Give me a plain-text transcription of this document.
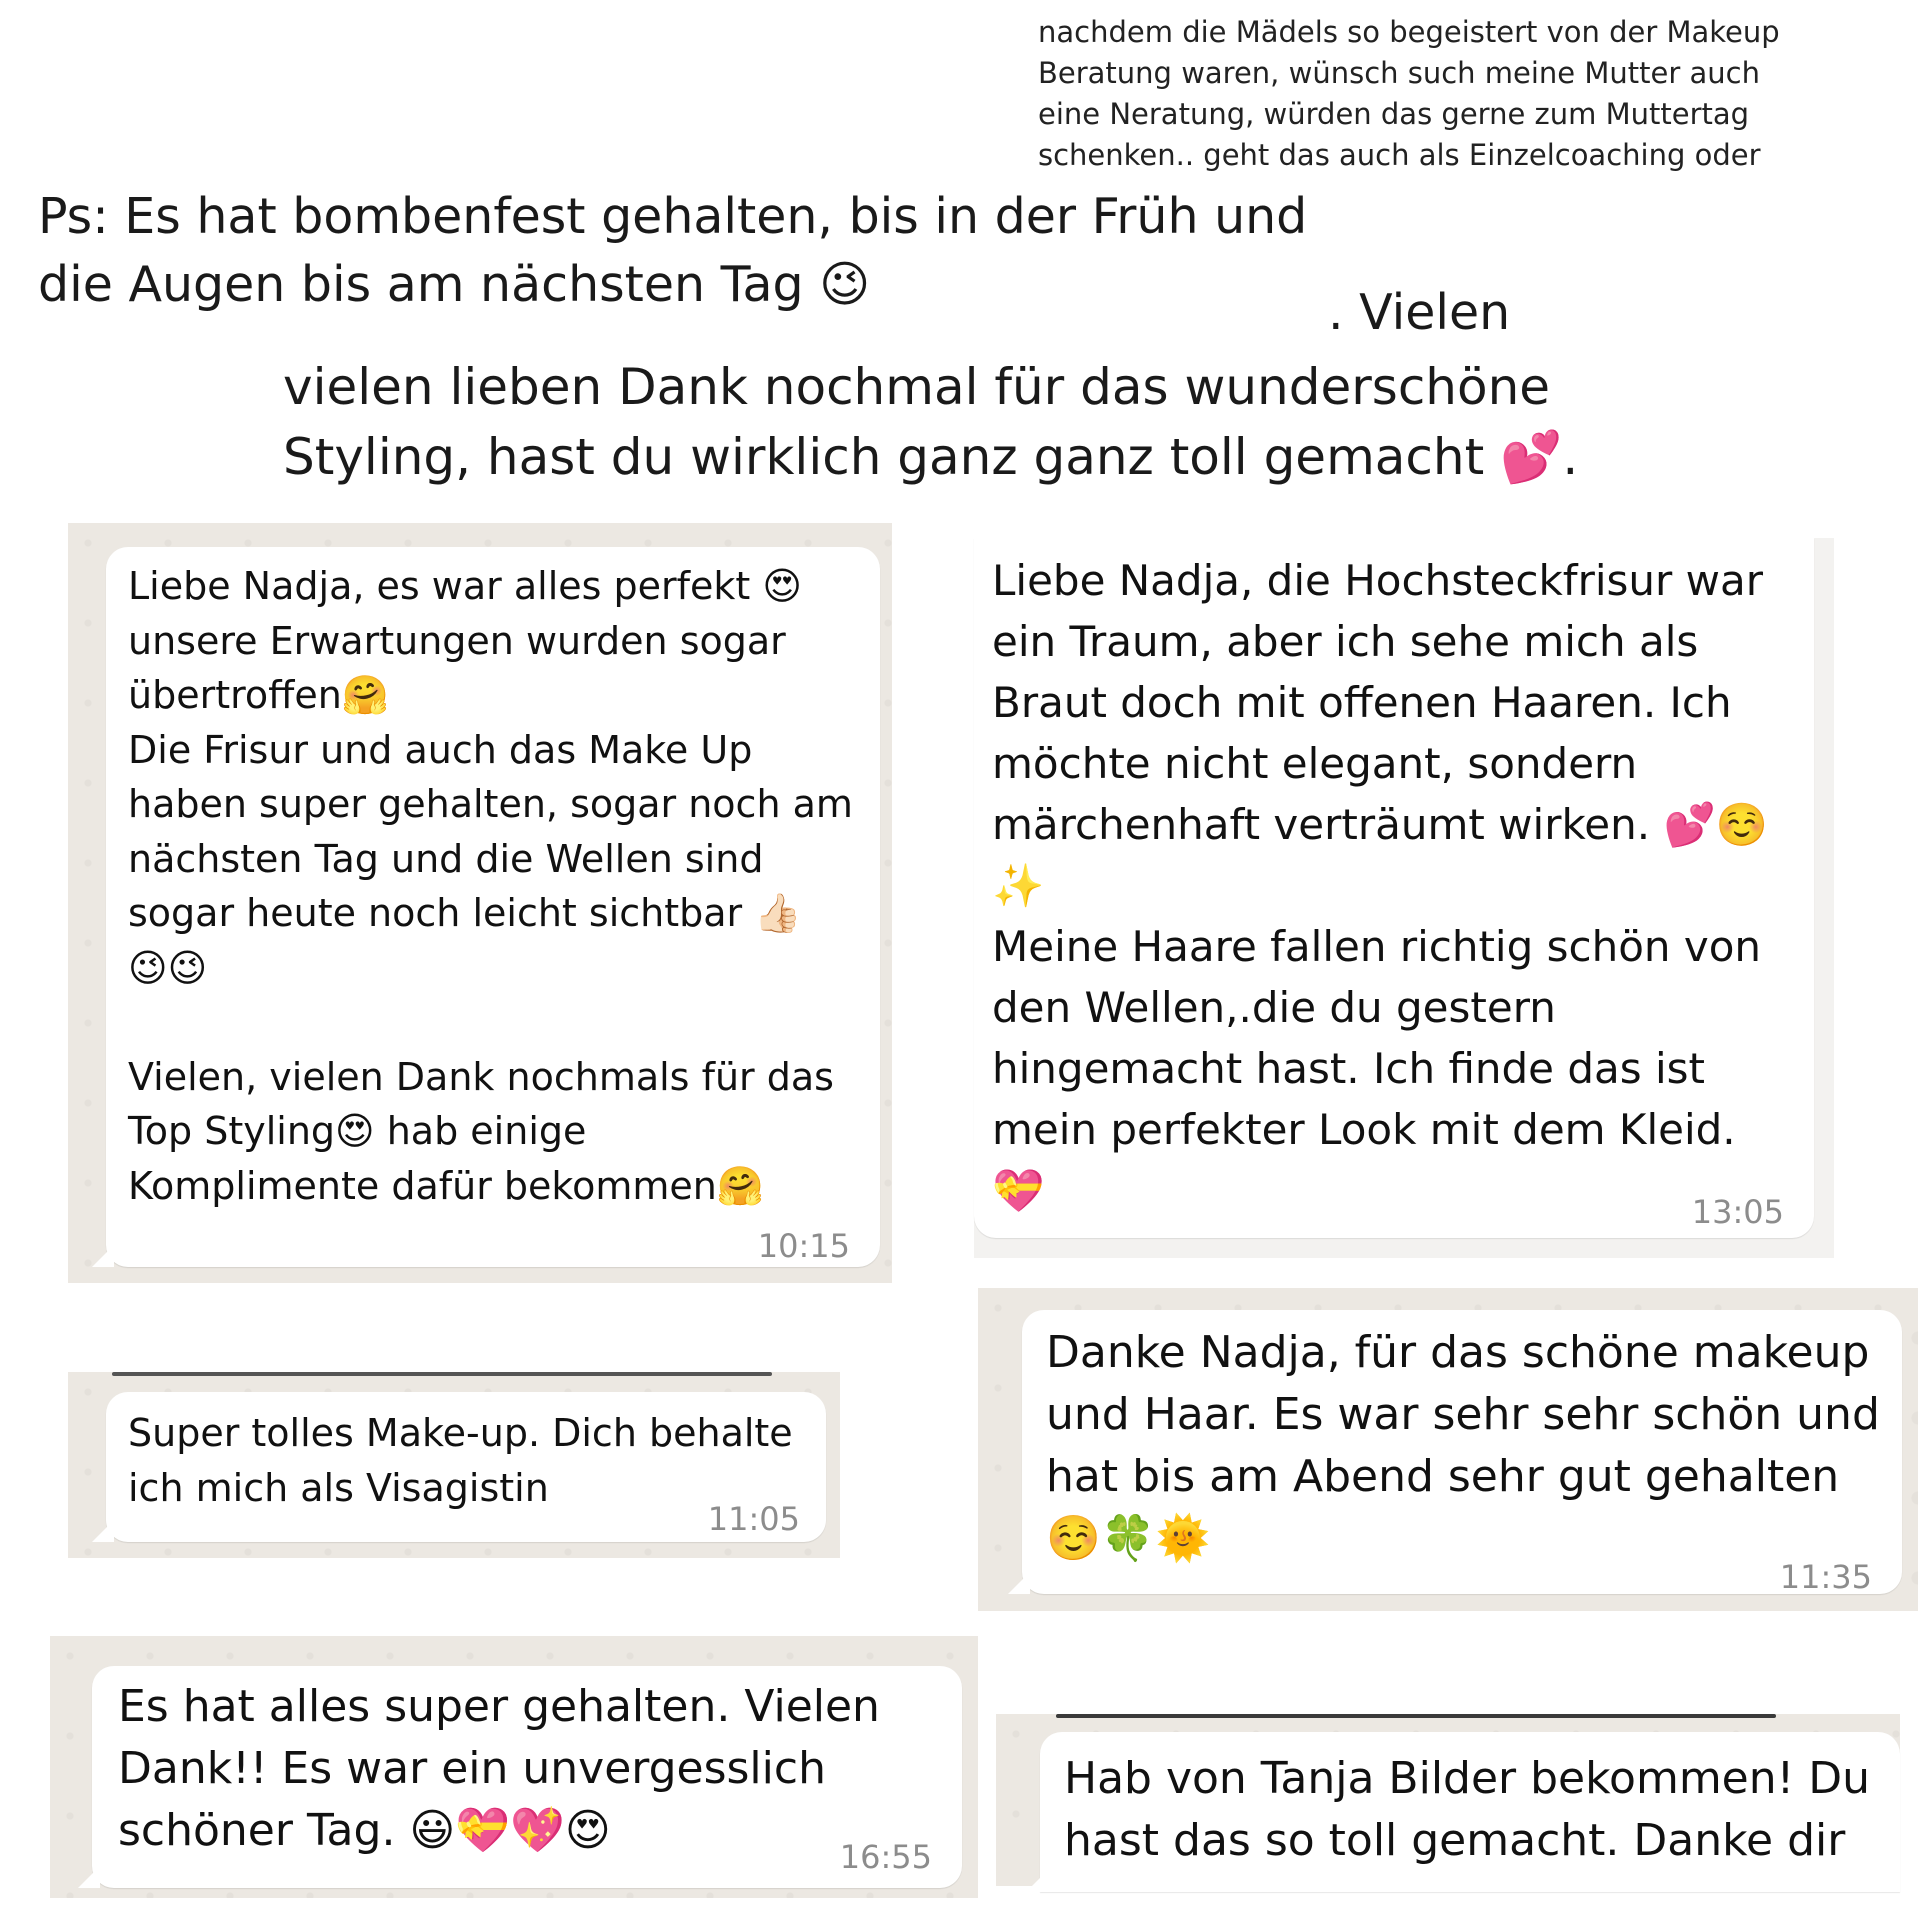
nachdem die Mädels so begeistert von der Makeup
Beratung waren, wünsch such meine Mutter auch
eine Neratung, würden das gerne zum Muttertag
schenken.. geht das auch als Einzelcoaching oder
Ps: Es hat bombenfest gehalten, bis in der Früh und
die Augen bis am nächsten Tag 😉	. Vielen
vielen lieben Dank nochmal für das wunderschöne
Styling, hast du wirklich ganz ganz toll gemacht 💕.
Liebe Nadja, es war alles perfekt 😍
unsere Erwartungen wurden sogar
übertroffen🤗
Die Frisur und auch das Make Up
haben super gehalten, sogar noch am
nächsten Tag und die Wellen sind
sogar heute noch leicht sichtbar 👍🏻
😉😉

Vielen, vielen Dank nochmals für das
Top Styling😍 hab einige
Komplimente dafür bekommen🤗
10:15
Liebe Nadja, die Hochsteckfrisur war
ein Traum, aber ich sehe mich als
Braut doch mit offenen Haaren. Ich
möchte nicht elegant, sondern
märchenhaft verträumt wirken. 💕☺️
✨
Meine Haare fallen richtig schön von
den Wellen,.die du gestern
hingemacht hast. Ich finde das ist
mein perfekter Look mit dem Kleid.
💝	13:05
Super tolles Make-up. Dich behalte
ich mich als Visagistin
11:05
Danke Nadja, für das schöne makeup
und Haar. Es war sehr sehr schön und
hat bis am Abend sehr gut gehalten
☺️🍀🌞
11:35
Es hat alles super gehalten. Vielen
Dank!! Es war ein unvergesslich
schöner Tag. 😃💝💖😍
16:55
Hab von Tanja Bilder bekommen! Du
hast das so toll gemacht. Danke dir
